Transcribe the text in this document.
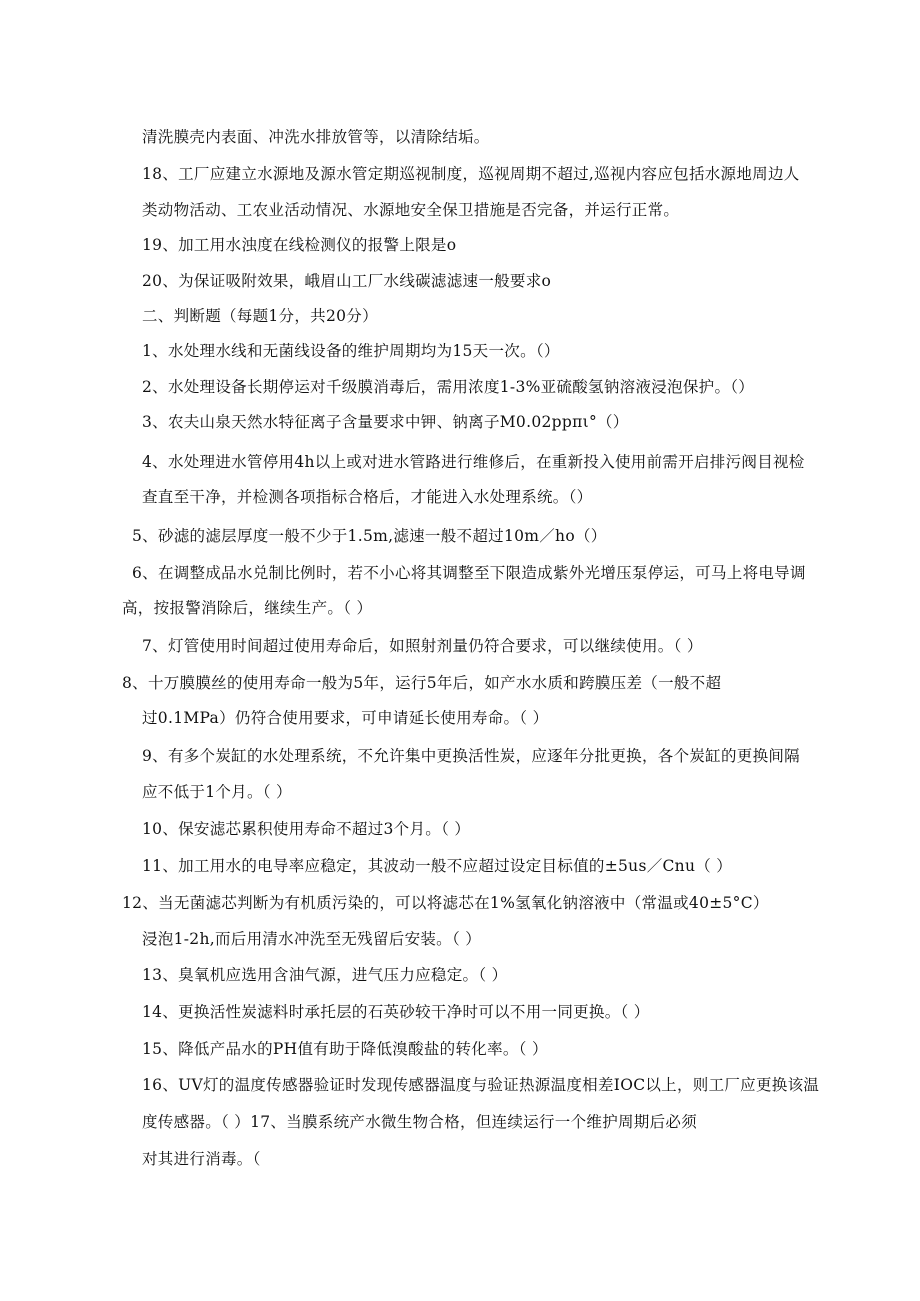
清洗膜壳内表面、冲洗水排放管等，以清除结垢。
18、工厂应建立水源地及源水管定期巡视制度，巡视周期不超过,巡视内容应包括水源地周边人
类动物活动、工农业活动情况、水源地安全保卫措施是否完备，并运行正常。
19、加工用水浊度在线检测仪的报警上限是o
20、为保证吸附效果，峨眉山工厂水线碳滤滤速一般要求o
二、判断题（每题1分，共20分）
1、水处理水线和无菌线设备的维护周期均为15天一次。（）
2、水处理设备长期停运对千级膜消毒后，需用浓度1-3%亚硫酸氢钠溶液浸泡保护。（）
3、农夫山泉天然水特征离子含量要求中钾、钠离子M0.02ppπι°（）
4、水处理进水管停用4h以上或对进水管路进行维修后，在重新投入使用前需开启排污阀目视检
查直至干净，并检测各项指标合格后，才能进入水处理系统。（）
5、砂滤的滤层厚度一般不少于1.5m,滤速一般不超过10m／ho（）
6、在调整成品水兑制比例时，若不小心将其调整至下限造成紫外光增压泵停运，可马上将电导调
高，按报警消除后，继续生产。（ ）
7、灯管使用时间超过使用寿命后，如照射剂量仍符合要求，可以继续使用。（ ）
8、十万膜膜丝的使用寿命一般为5年，运行5年后，如产水水质和跨膜压差（一般不超
过0.1MPa）仍符合使用要求，可申请延长使用寿命。（ ）
9、有多个炭缸的水处理系统，不允许集中更换活性炭，应逐年分批更换，各个炭缸的更换间隔
应不低于1个月。（ ）
10、保安滤芯累积使用寿命不超过3个月。（ ）
11、加工用水的电导率应稳定，其波动一般不应超过设定目标值的±5us／Cnu（ ）
12、当无菌滤芯判断为有机质污染的，可以将滤芯在1%氢氧化钠溶液中（常温或40±5°C）
浸泡1-2h,而后用清水冲洗至无残留后安装。（ ）
13、臭氧机应选用含油气源，进气压力应稳定。（ ）
14、更换活性炭滤料时承托层的石英砂较干净时可以不用一同更换。（ ）
15、降低产品水的PH值有助于降低溴酸盐的转化率。（ ）
16、UV灯的温度传感器验证时发现传感器温度与验证热源温度相差IOC以上，则工厂应更换该温
度传感器。（ ）17、当膜系统产水微生物合格，但连续运行一个维护周期后必须
对其进行消毒。（
